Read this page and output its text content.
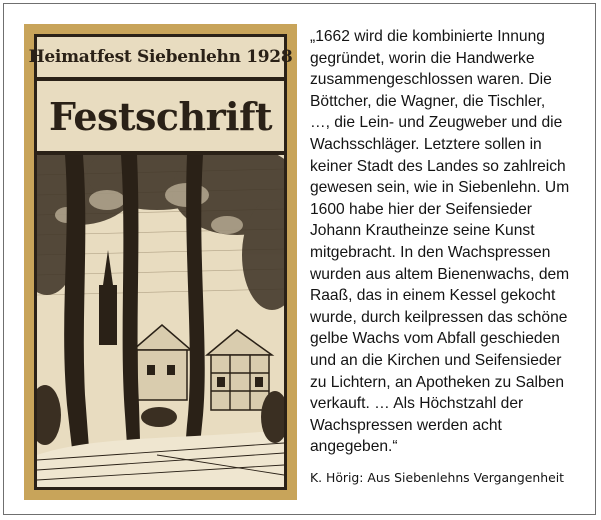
Heimatfest Siebenlehn 1928
Festschrift

„1662 wird die kombinierte Innung
gegründet, worin die Handwerke
zusammengeschlossen waren. Die
Böttcher, die Wagner, die Tischler,
…, die Lein- und Zeugweber und die
Wachsschläger. Letztere sollen in
keiner Stadt des Landes so zahlreich
gewesen sein, wie in Siebenlehn. Um
1600 habe hier der Seifensieder
Johann Krautheinze seine Kunst
mitgebracht. In den Wachspressen
wurden aus altem Bienenwachs, dem
Raaß, das in einem Kessel gekocht
wurde, durch keilpressen das schöne
gelbe Wachs vom Abfall geschieden
und an die Kirchen und Seifensieder
zu Lichtern, an Apotheken zu Salben
verkauft. … Als Höchstzahl der
Wachspressen werden acht
angegeben.“

K. Hörig: Aus Siebenlehns Vergangenheit
